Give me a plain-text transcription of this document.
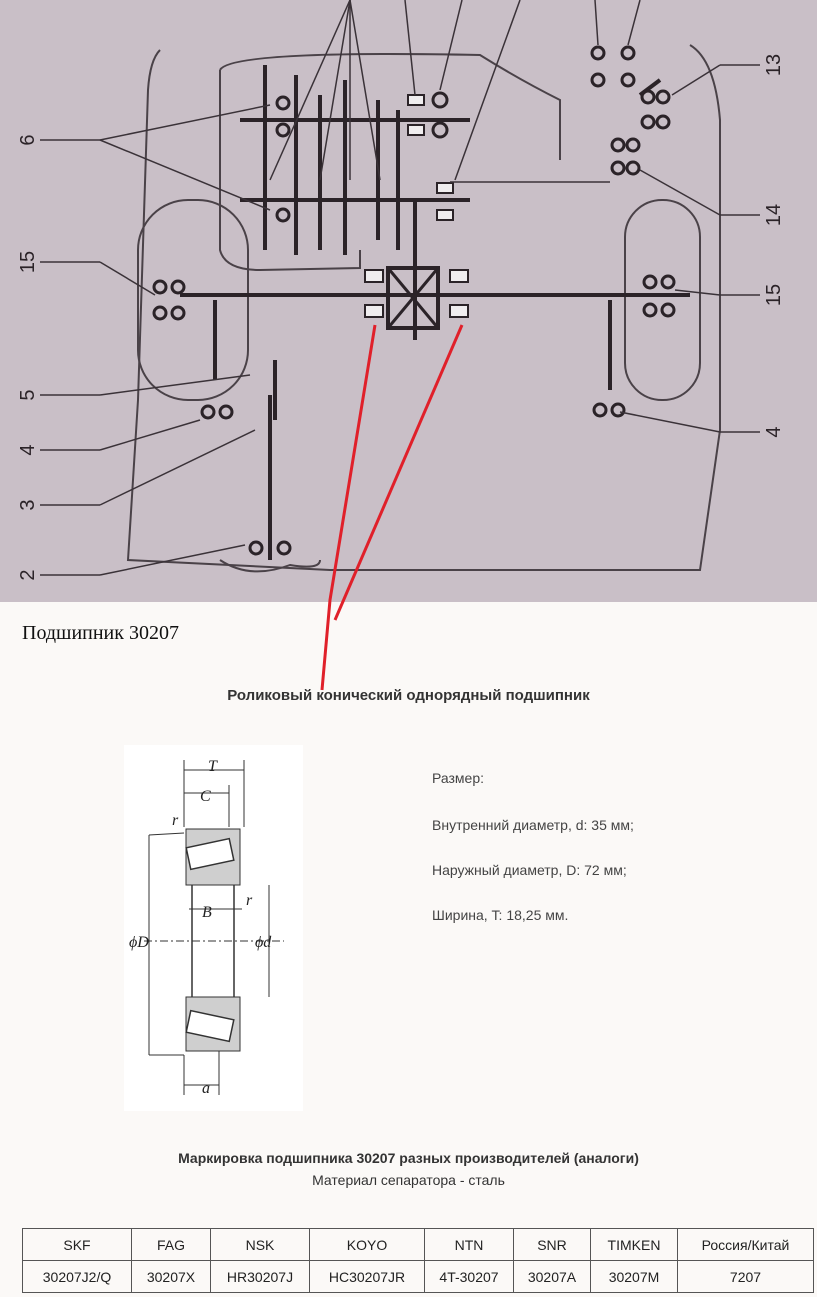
6
15
5
4
3
2
13
14
15
4
Подшипник 30207
Роликовый конический однорядный подшипник
T
C
r
r
B
ϕD	ϕd
a
Размер:
Внутренний диаметр, d: 35 мм;
Наружный диаметр, D: 72 мм;
Ширина, T: 18,25 мм.
Маркировка подшипника 30207 разных производителей (аналоги)
Материал сепаратора - сталь
SKF	FAG	NSK	KOYO	NTN	SNR	TIMKEN	Россия/Китай
30207J2/Q	30207X	HR30207J	HC30207JR	4T-30207	30207A	30207M	7207
